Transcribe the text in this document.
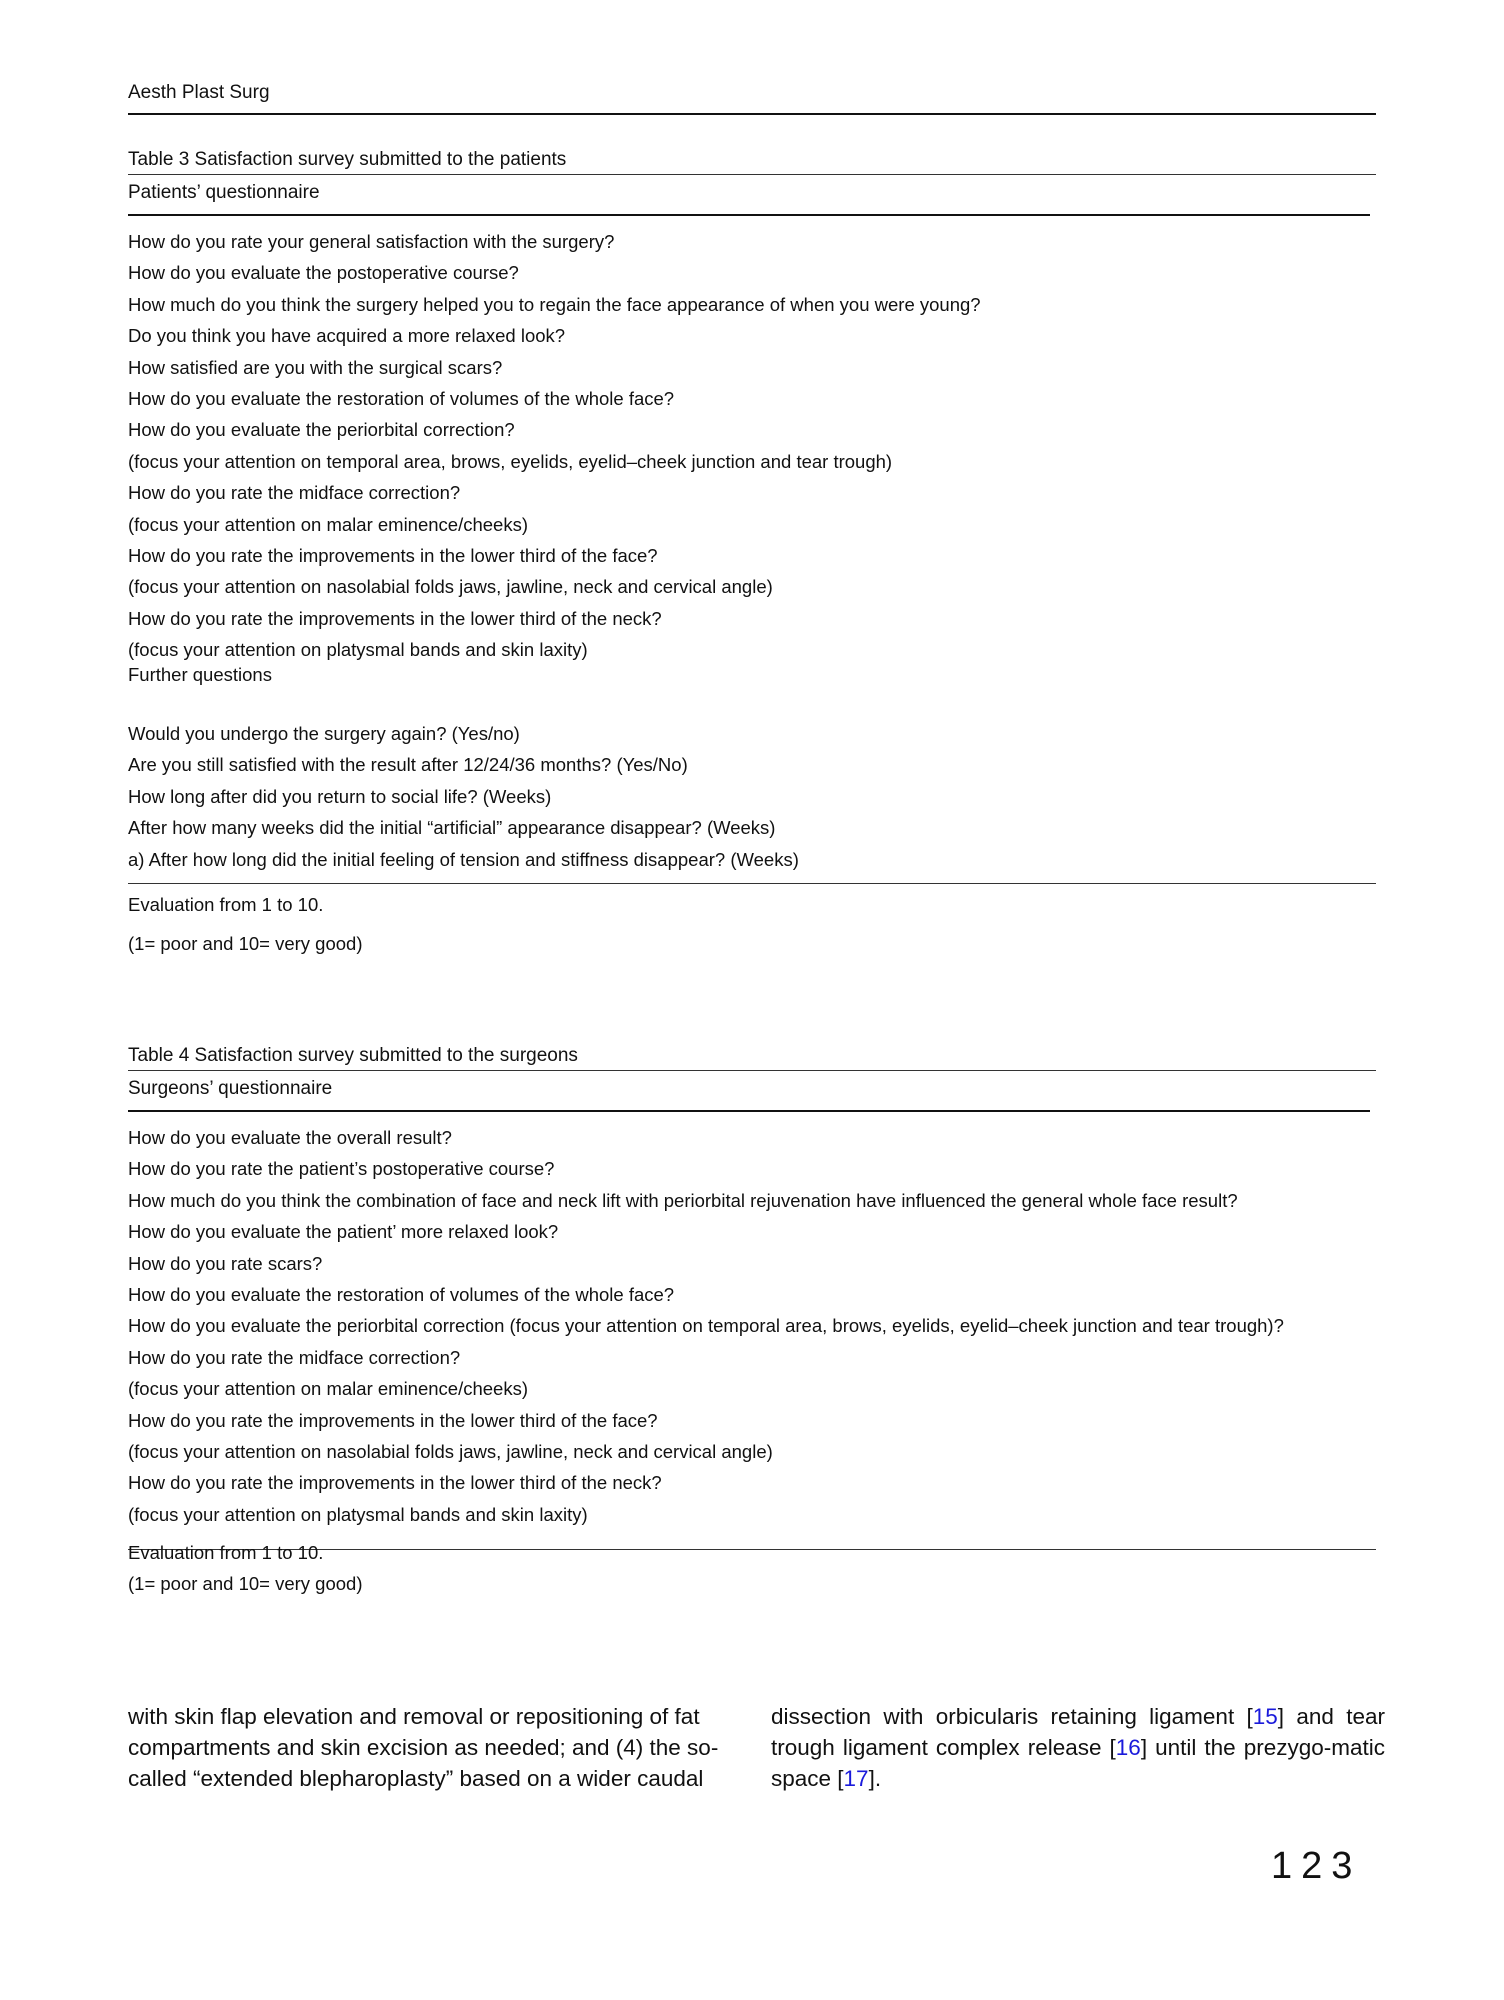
Aesth Plast Surg
Table 3 Satisfaction survey submitted to the patients
Patients’ questionnaire
How do you rate your general satisfaction with the surgery?
How do you evaluate the postoperative course?
How much do you think the surgery helped you to regain the face appearance of when you were young?
Do you think you have acquired a more relaxed look?
How satisfied are you with the surgical scars?
How do you evaluate the restoration of volumes of the whole face?
How do you evaluate the periorbital correction?
(focus your attention on temporal area, brows, eyelids, eyelid–cheek junction and tear trough)
How do you rate the midface correction?
(focus your attention on malar eminence/cheeks)
How do you rate the improvements in the lower third of the face?
(focus your attention on nasolabial folds jaws, jawline, neck and cervical angle)
How do you rate the improvements in the lower third of the neck?
(focus your attention on platysmal bands and skin laxity)
Further questions
Would you undergo the surgery again? (Yes/no)
Are you still satisfied with the result after 12/24/36 months? (Yes/No)
How long after did you return to social life? (Weeks)
After how many weeks did the initial “artificial” appearance disappear? (Weeks)
a) After how long did the initial feeling of tension and stiffness disappear? (Weeks)
Evaluation from 1 to 10.
(1= poor and 10= very good)
Table 4 Satisfaction survey submitted to the surgeons
Surgeons’ questionnaire
How do you evaluate the overall result?
How do you rate the patient’s postoperative course?
How much do you think the combination of face and neck lift with periorbital rejuvenation have influenced the general whole face result?
How do you evaluate the patient’ more relaxed look?
How do you rate scars?
How do you evaluate the restoration of volumes of the whole face?
How do you evaluate the periorbital correction (focus your attention on temporal area, brows, eyelids, eyelid–cheek junction and tear trough)?
How do you rate the midface correction?
(focus your attention on malar eminence/cheeks)
How do you rate the improvements in the lower third of the face?
(focus your attention on nasolabial folds jaws, jawline, neck and cervical angle)
How do you rate the improvements in the lower third of the neck?
(focus your attention on platysmal bands and skin laxity)
Evaluation from 1 to 10.
(1= poor and 10= very good)
with skin flap elevation and removal or repositioning of fat
compartments and skin excision as needed; and (4) the so-
called “extended blepharoplasty” based on a wider caudal
dissection with orbicularis retaining ligament [15] and tear trough ligament complex release [16] until the prezygo-matic space [17].
123
